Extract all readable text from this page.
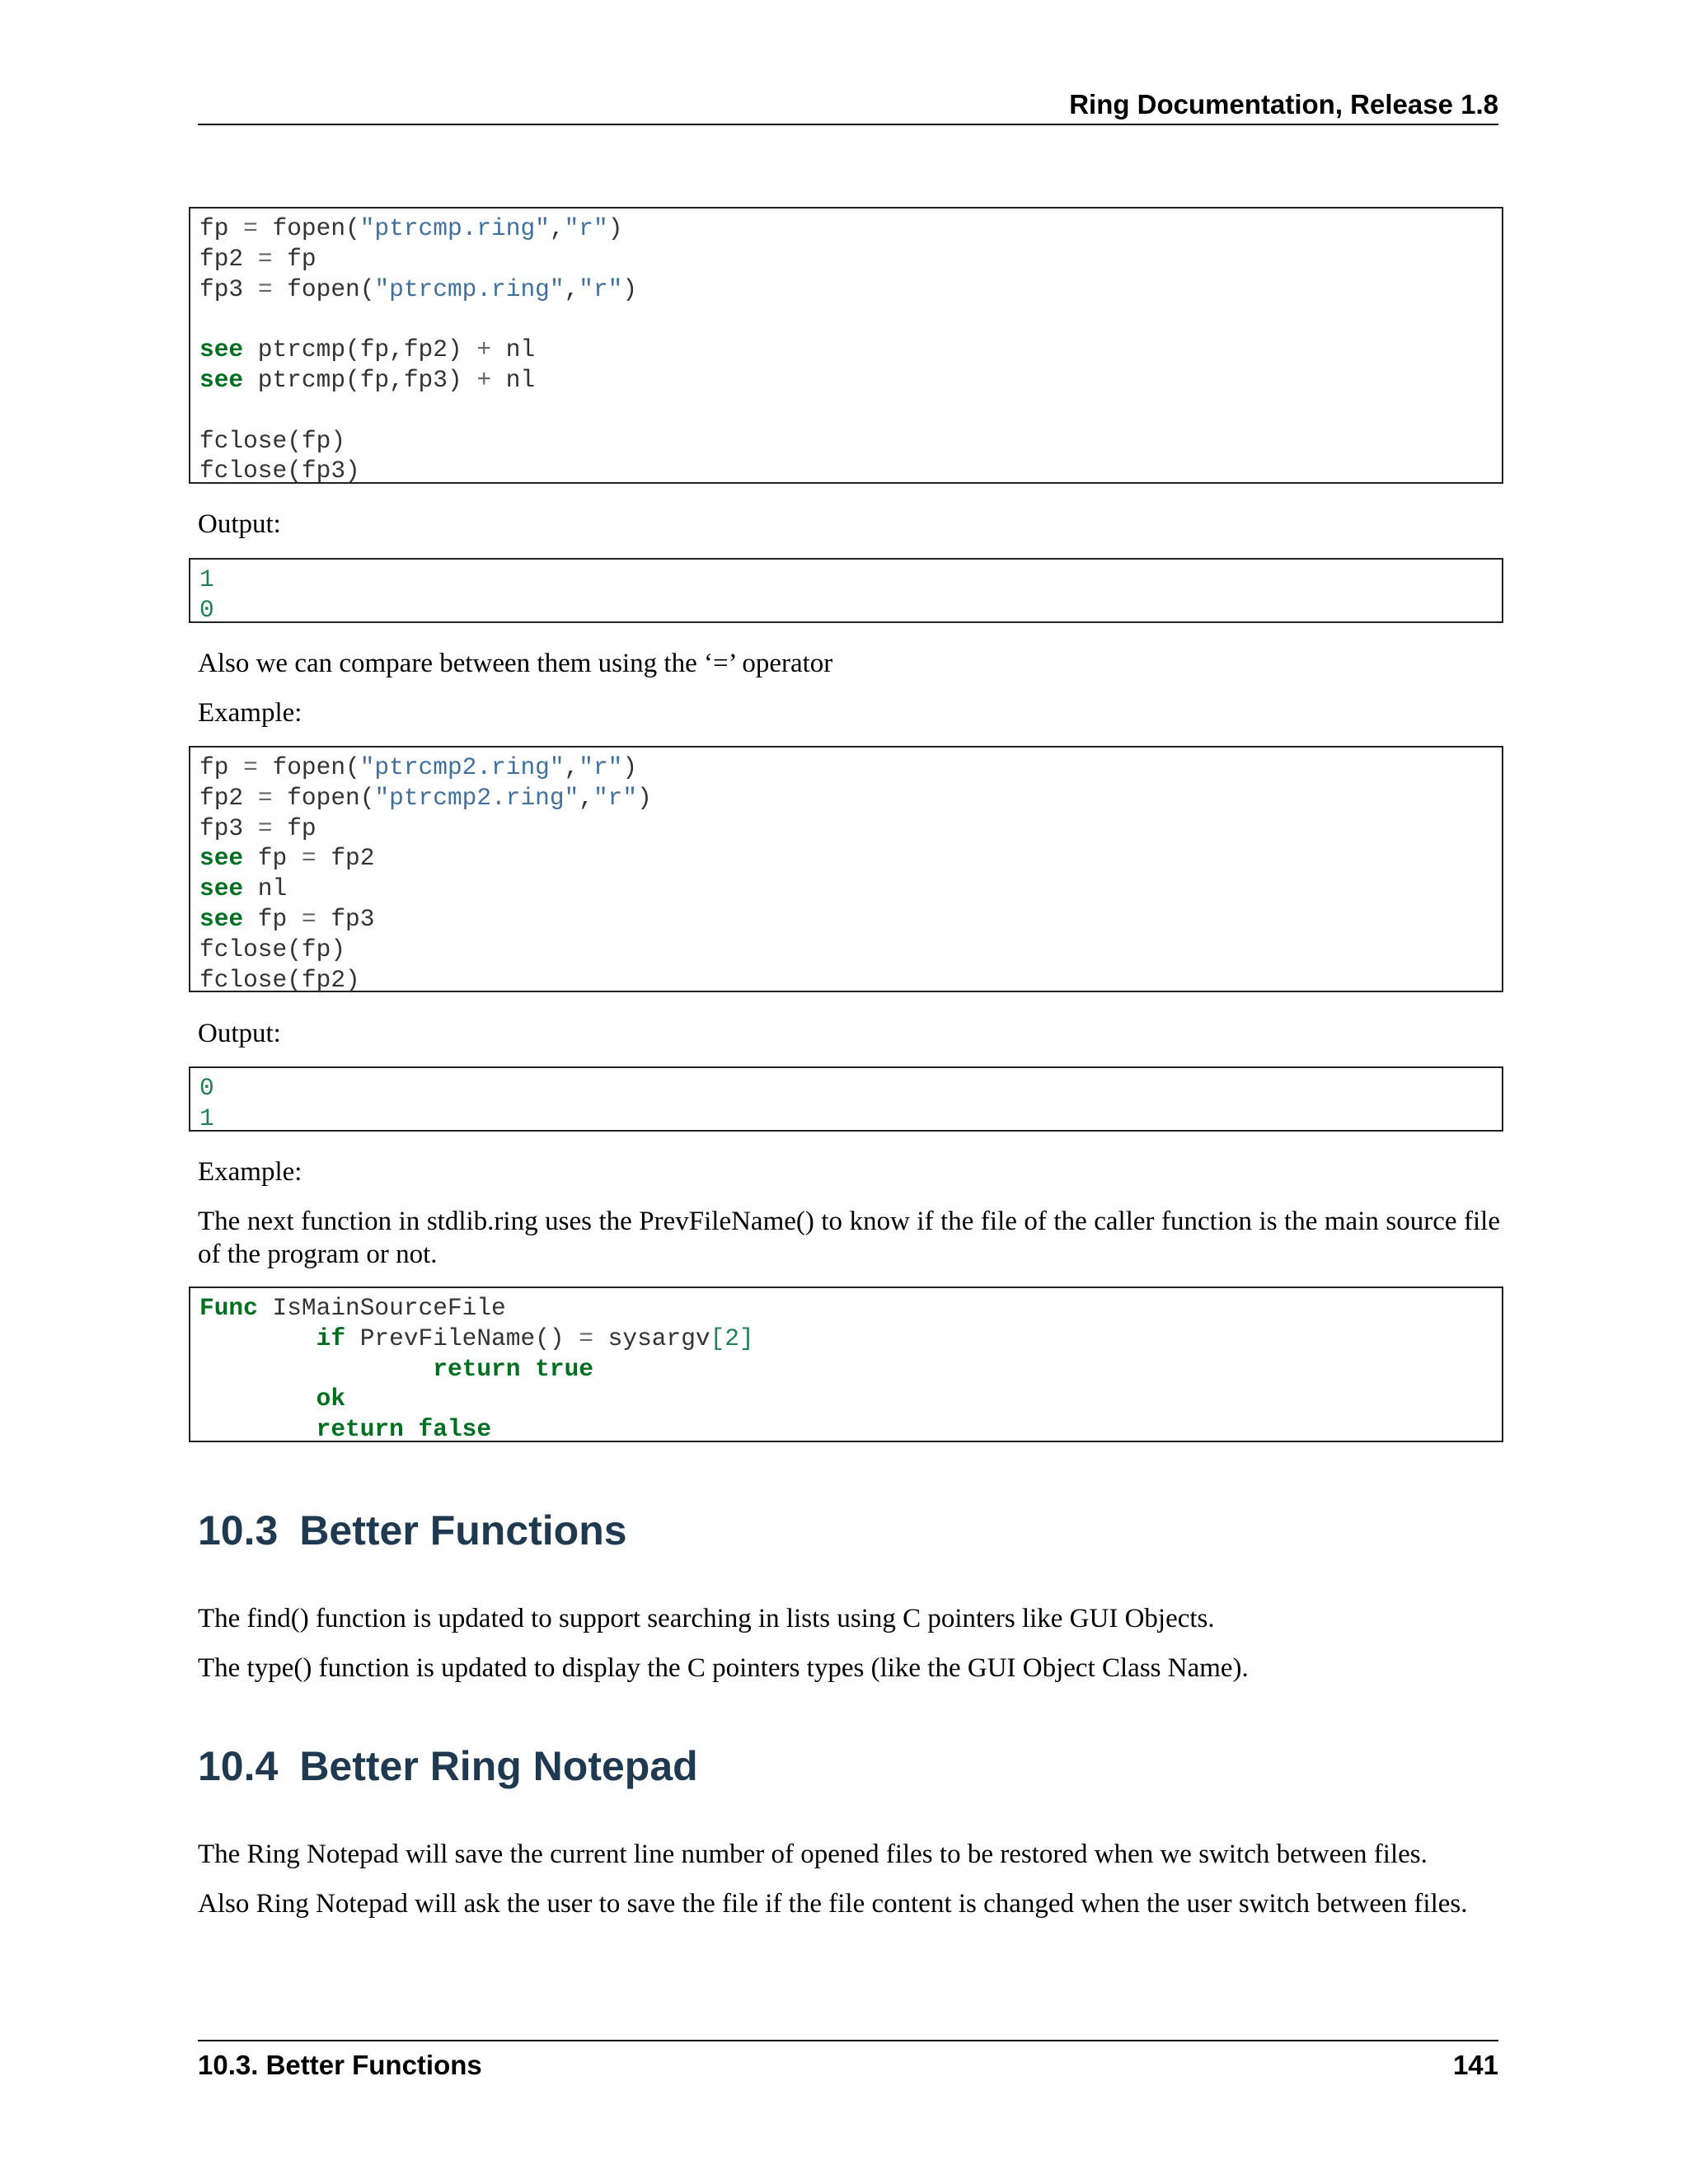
Ring Documentation, Release 1.8
fp = fopen("ptrcmp.ring","r")
fp2 = fp
fp3 = fopen("ptrcmp.ring","r")
see ptrcmp(fp,fp2) + nl
see ptrcmp(fp,fp3) + nl
fclose(fp)
fclose(fp3)
Output:
1
0
Also we can compare between them using the ‘=’ operator
Example:
fp = fopen("ptrcmp2.ring","r")
fp2 = fopen("ptrcmp2.ring","r")
fp3 = fp
see fp = fp2
see nl
see fp = fp3
fclose(fp)
fclose(fp2)
Output:
0
1
Example:
The next function in stdlib.ring uses the PrevFileName() to know if the file of the caller function is the main source file of the program or not.
Func IsMainSourceFile
if PrevFileName() = sysargv[2]
return true
ok
return false
10.3 Better Functions
The find() function is updated to support searching in lists using C pointers like GUI Objects.
The type() function is updated to display the C pointers types (like the GUI Object Class Name).
10.4 Better Ring Notepad
The Ring Notepad will save the current line number of opened files to be restored when we switch between files.
Also Ring Notepad will ask the user to save the file if the file content is changed when the user switch between files.
10.3. Better Functions	141
